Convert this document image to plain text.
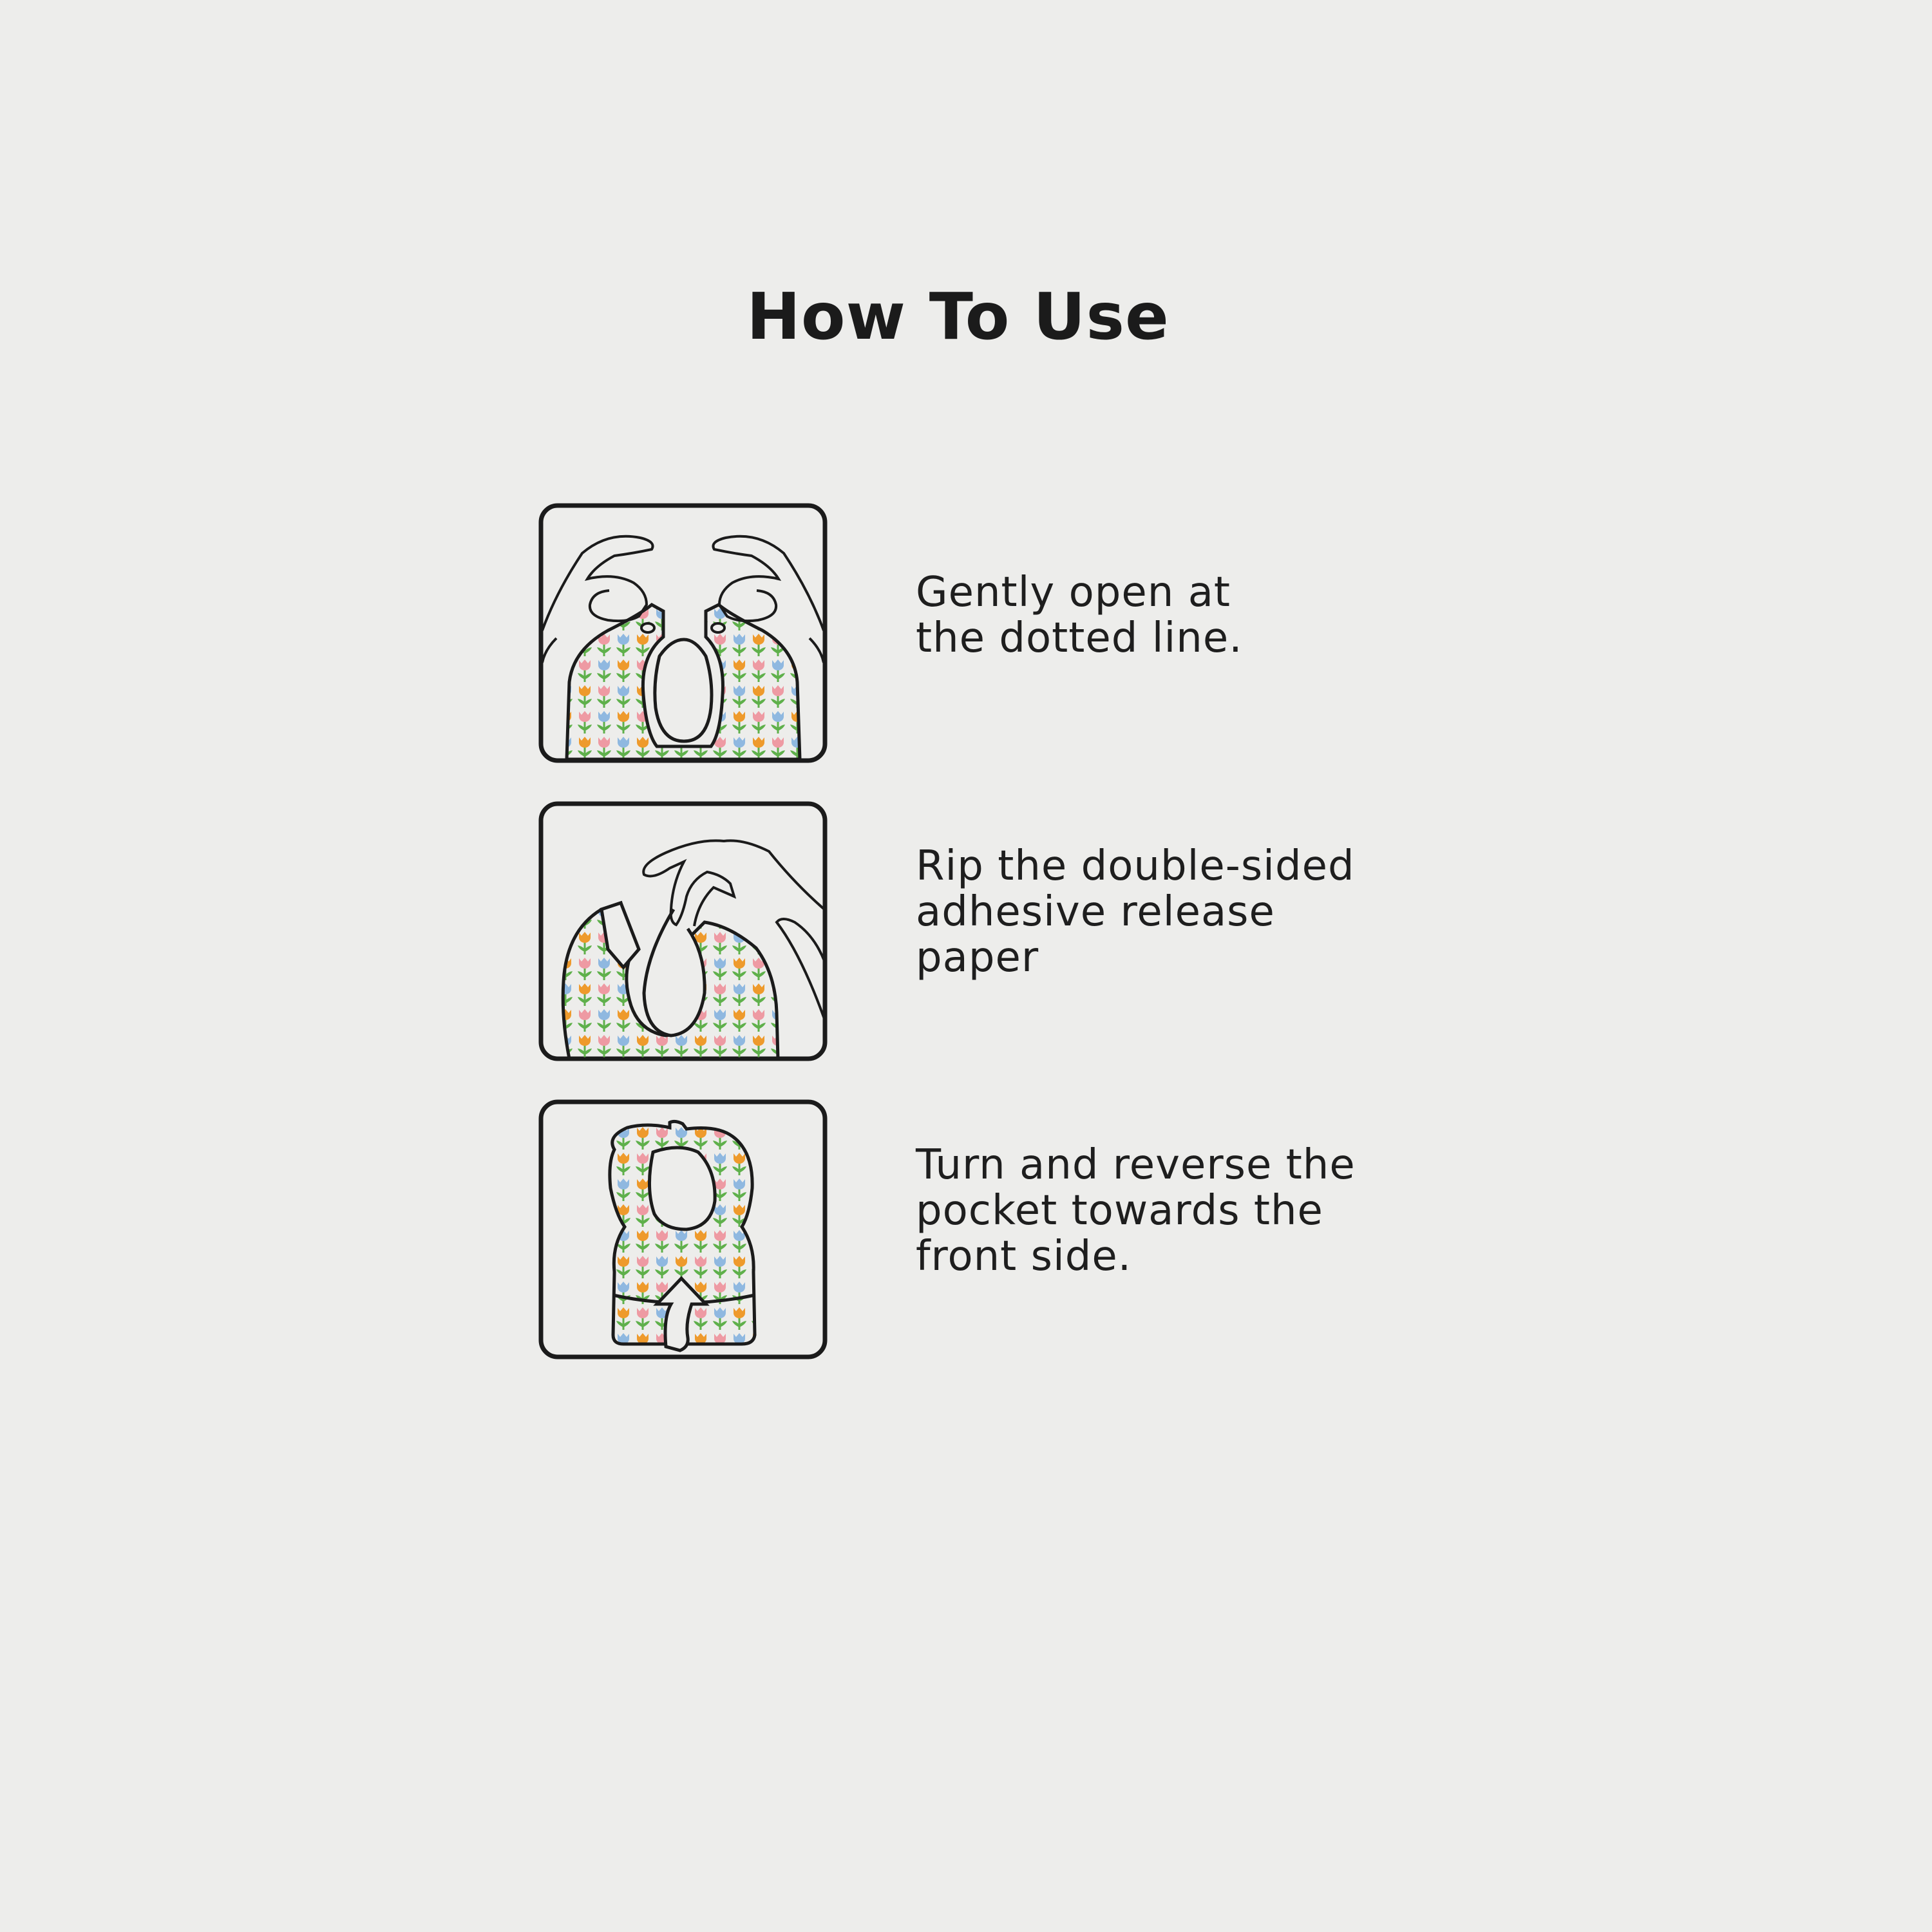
How To Use

Gently open at
the dotted line.

Rip the double-sided
adhesive release
paper

Turn and reverse the
pocket towards the
front side.
